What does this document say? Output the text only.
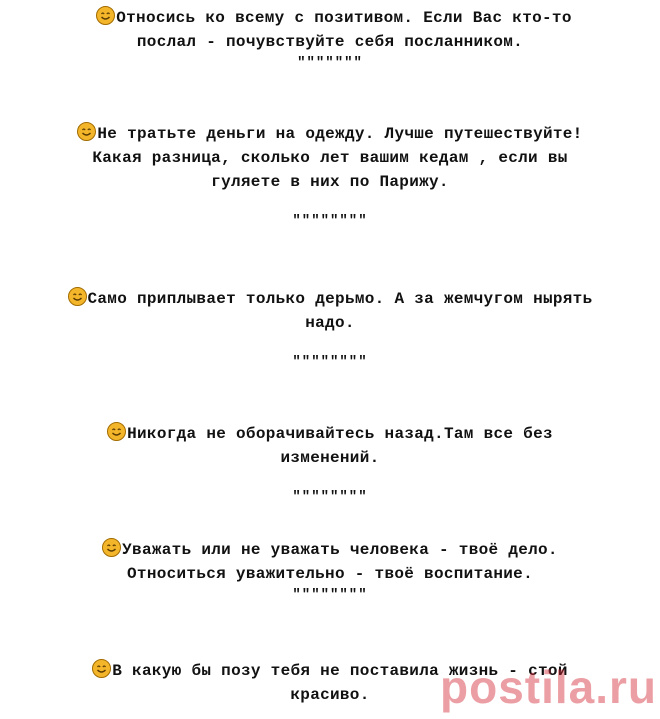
Относись ко всему с позитивом. Если Вас кто-то
послал - почувствуйте себя посланником.
"""""""
Не тратьте деньги на одежду. Лучше путешествуйте!
Какая разница, сколько лет вашим кедам , если вы
гуляете в них по Парижу.
""""""""
Само приплывает только дерьмо. А за жемчугом нырять
надо.
""""""""
Никогда не оборачивайтесь назад.Там все без
изменений.
""""""""
Уважать или не уважать человека - твоё дело.
Относиться уважительно - твоё воспитание.
""""""""
В какую бы позу тебя не поставила жизнь - стой
красиво.	postila.ru
